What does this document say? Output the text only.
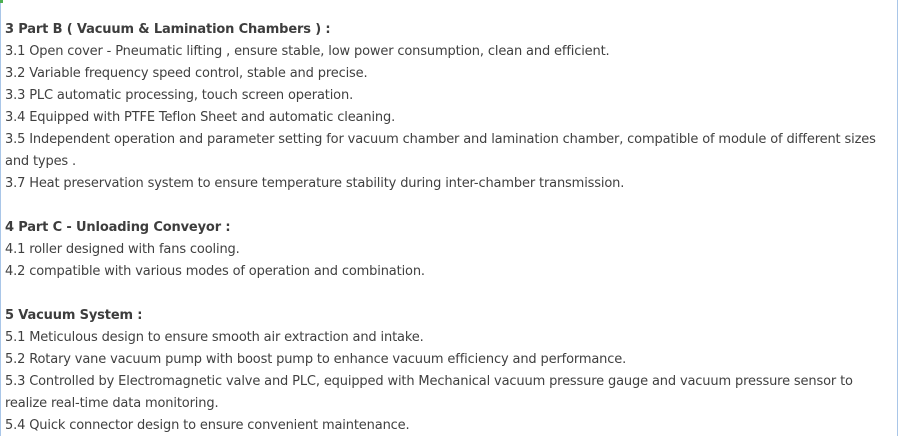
3 Part B ( Vacuum & Lamination Chambers ) :
3.1 Open cover - Pneumatic lifting , ensure stable, low power consumption, clean and efficient.
3.2 Variable frequency speed control, stable and precise.
3.3 PLC automatic processing, touch screen operation.
3.4 Equipped with PTFE Teflon Sheet and automatic cleaning.
3.5 Independent operation and parameter setting for vacuum chamber and lamination chamber, compatible of module of different sizes and types .
3.7 Heat preservation system to ensure temperature stability during inter-chamber transmission.
4 Part C - Unloading Conveyor :
4.1 roller designed with fans cooling.
4.2 compatible with various modes of operation and combination.
5 Vacuum System :
5.1 Meticulous design to ensure smooth air extraction and intake.
5.2 Rotary vane vacuum pump with boost pump to enhance vacuum efficiency and performance.
5.3 Controlled by Electromagnetic valve and PLC, equipped with Mechanical vacuum pressure gauge and vacuum pressure sensor to realize real-time data monitoring.
5.4 Quick connector design to ensure convenient maintenance.
